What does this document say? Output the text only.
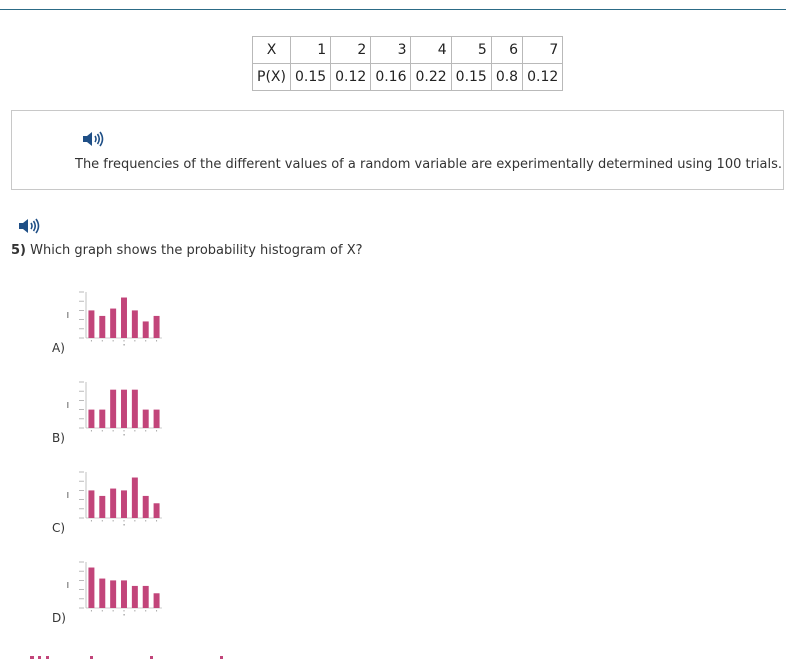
X	1	2	3	4	5	6	7
P(X)	0.15	0.12	0.16	0.22	0.15	0.8	0.12
The frequencies of the different values of a random variable are experimentally determined using 100 trials.
5) Which graph shows the probability histogram of X?
A)
B)
C)
D)
